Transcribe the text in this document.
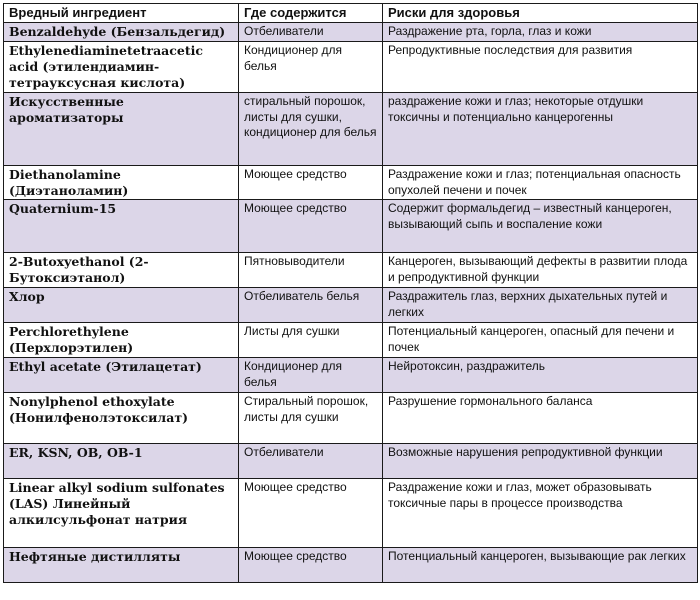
Вредный ингредиент	Где содержится	Риски для здоровья
Benzaldehyde (Бензальдегид)	Отбеливатели	Раздражение рта, горла, глаз и кожи
Ethylenediaminetetraacetic acid (этилендиамин-тетрауксусная кислота)	Кондиционер для белья	Репродуктивные последствия для развития
Искусственные ароматизаторы	стиральный порошок, листы для сушки, кондиционер для белья	раздражение кожи и глаз; некоторые отдушки токсичны и потенциально канцерогенны
Diethanolamine (Диэтаноламин)	Моющее средство	Раздражение кожи и глаз; потенциальная опасность опухолей печени и почек
Quaternium-15	Моющее средство	Содержит формальдегид – известный канцероген, вызывающий сыпь и воспаление кожи
2-Butoxyethanol (2-Бутоксиэтанол)	Пятновыводители	Канцероген, вызывающий дефекты в развитии плода и репродуктивной функции
Хлор	Отбеливатель белья	Раздражитель глаз, верхних дыхательных путей и легких
Perchlorethylene (Перхлорэтилен)	Листы для сушки	Потенциальный канцероген, опасный для печени и почек
Ethyl acetate (Этилацетат)	Кондиционер для белья	Нейротоксин, раздражитель
Nonylphenol ethoxylate (Нонилфенолэтоксилат)	Стиральный порошок, листы для сушки	Разрушение гормонального баланса
ER, KSN, OB, OB-1	Отбеливатели	Возможные нарушения репродуктивной функции
Linear alkyl sodium sulfonates (LAS) Линейный алкилсульфонат натрия	Моющее средство	Раздражение кожи и глаз, может образовывать токсичные пары в процессе производства
Нефтяные дистилляты	Моющее средство	Потенциальный канцероген, вызывающие рак легких
